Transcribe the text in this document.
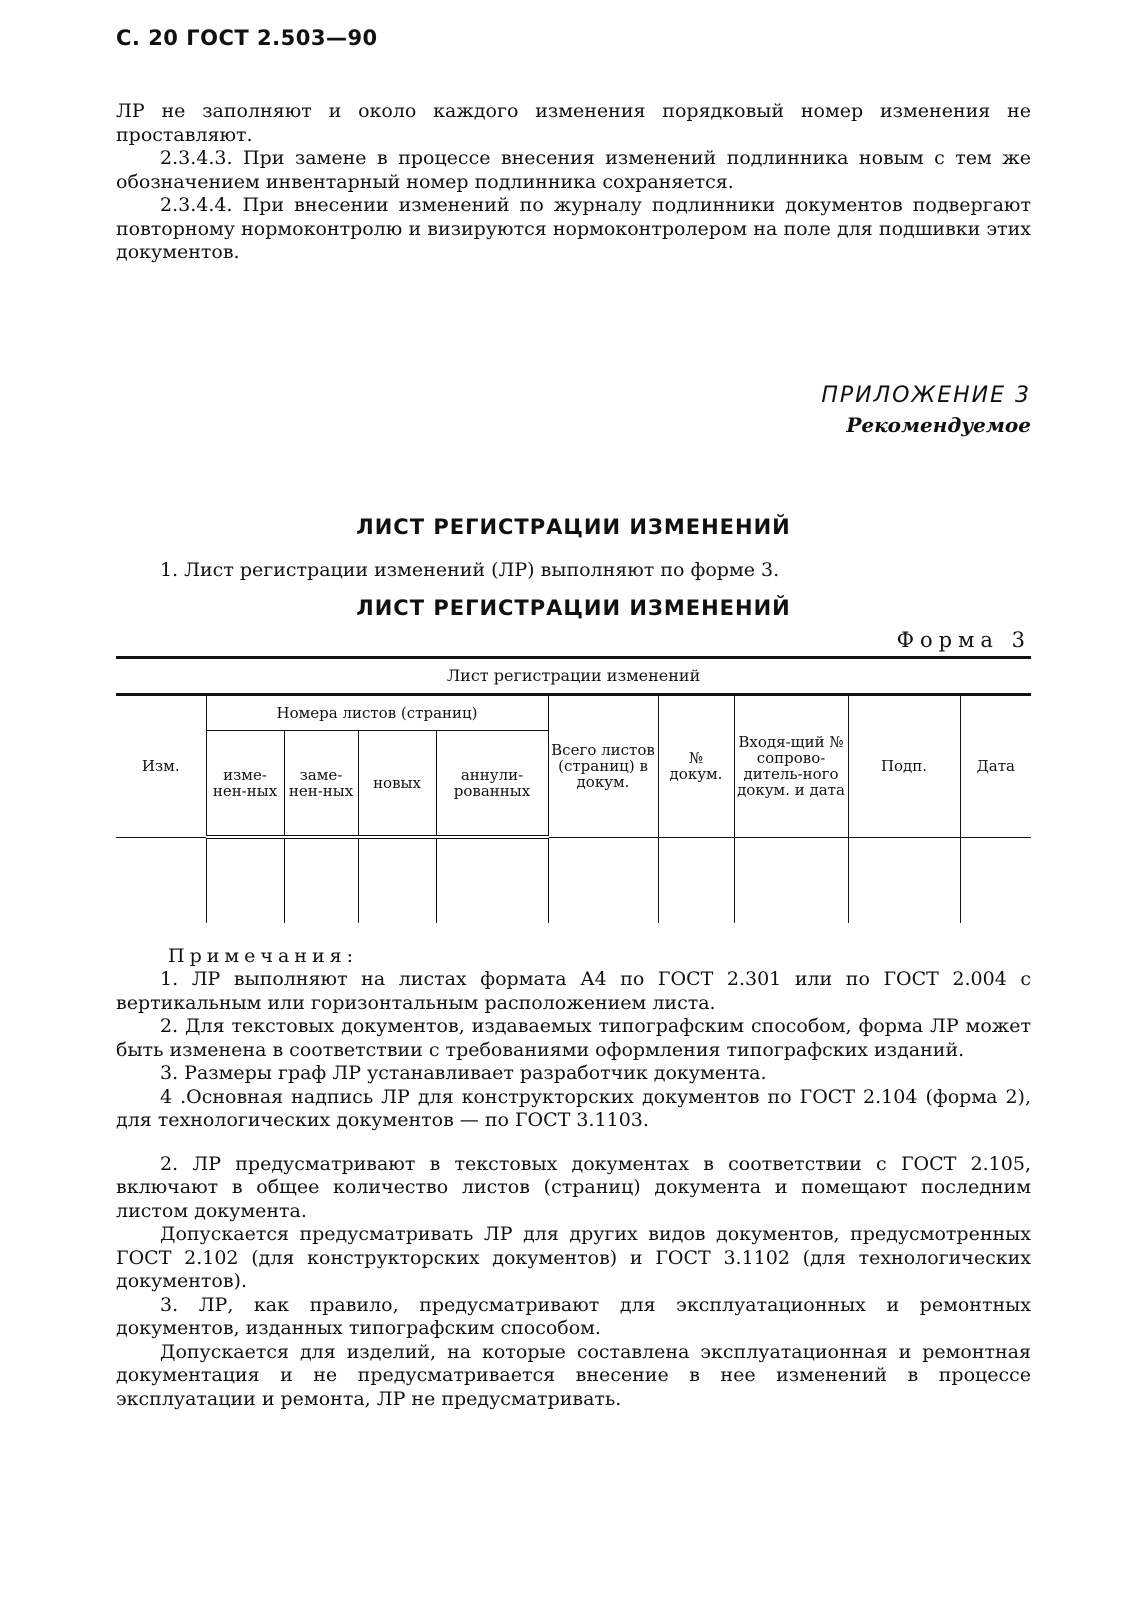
С. 20 ГОСТ 2.503—90

ЛР не заполняют и около каждого изменения порядковый номер изменения не проставляют.

2.3.4.3. При замене в процессе внесения изменений подлинника новым с тем же обозначением инвентарный номер подлинника сохраняется.

2.3.4.4. При внесении изменений по журналу подлинники документов подвергают повторному нормоконтролю и визируются нормоконтролером на поле для подшивки этих документов.

ПРИЛОЖЕНИЕ 3
Рекомендуемое
ЛИСТ РЕГИСТРАЦИИ ИЗМЕНЕНИЙ

1. Лист регистрации изменений (ЛР) выполняют по форме 3.

ЛИСТ РЕГИСТРАЦИИ ИЗМЕНЕНИЙ
Форма 3
Лист регистрации изменений									
Изм.	Номера листов (страниц)				Всего листов (страниц) в докум.	№ докум.	Входя-щий № сопрово-дитель-ного докум. и дата	Подп.	Дата
	изме-нен-ных	заме-нен-ных	новых	аннули-рованных					

Примечания:

1. ЛР выполняют на листах формата А4 по ГОСТ 2.301 или по ГОСТ 2.004 с вертикальным или горизонтальным расположением листа.

2. Для текстовых документов, издаваемых типографским способом, форма ЛР может быть изменена в соответствии с требованиями оформления типографских изданий.

3. Размеры граф ЛР устанавливает разработчик документа.

4 .Основная надпись ЛР для конструкторских документов по ГОСТ 2.104 (форма 2), для технологических документов — по ГОСТ 3.1103.

2. ЛР предусматривают в текстовых документах в соответствии с ГОСТ 2.105, включают в общее количество листов (страниц) документа и помещают последним листом документа.

Допускается предусматривать ЛР для других видов документов, предусмотренных ГОСТ 2.102 (для конструкторских документов) и ГОСТ 3.1102 (для технологических документов).

3. ЛР, как правило, предусматривают для эксплуатационных и ремонтных документов, изданных типографским способом.

Допускается для изделий, на которые составлена эксплуатационная и ремонтная документация и не предусматривается внесение в нее изменений в процессе эксплуатации и ремонта, ЛР не предусматривать.
